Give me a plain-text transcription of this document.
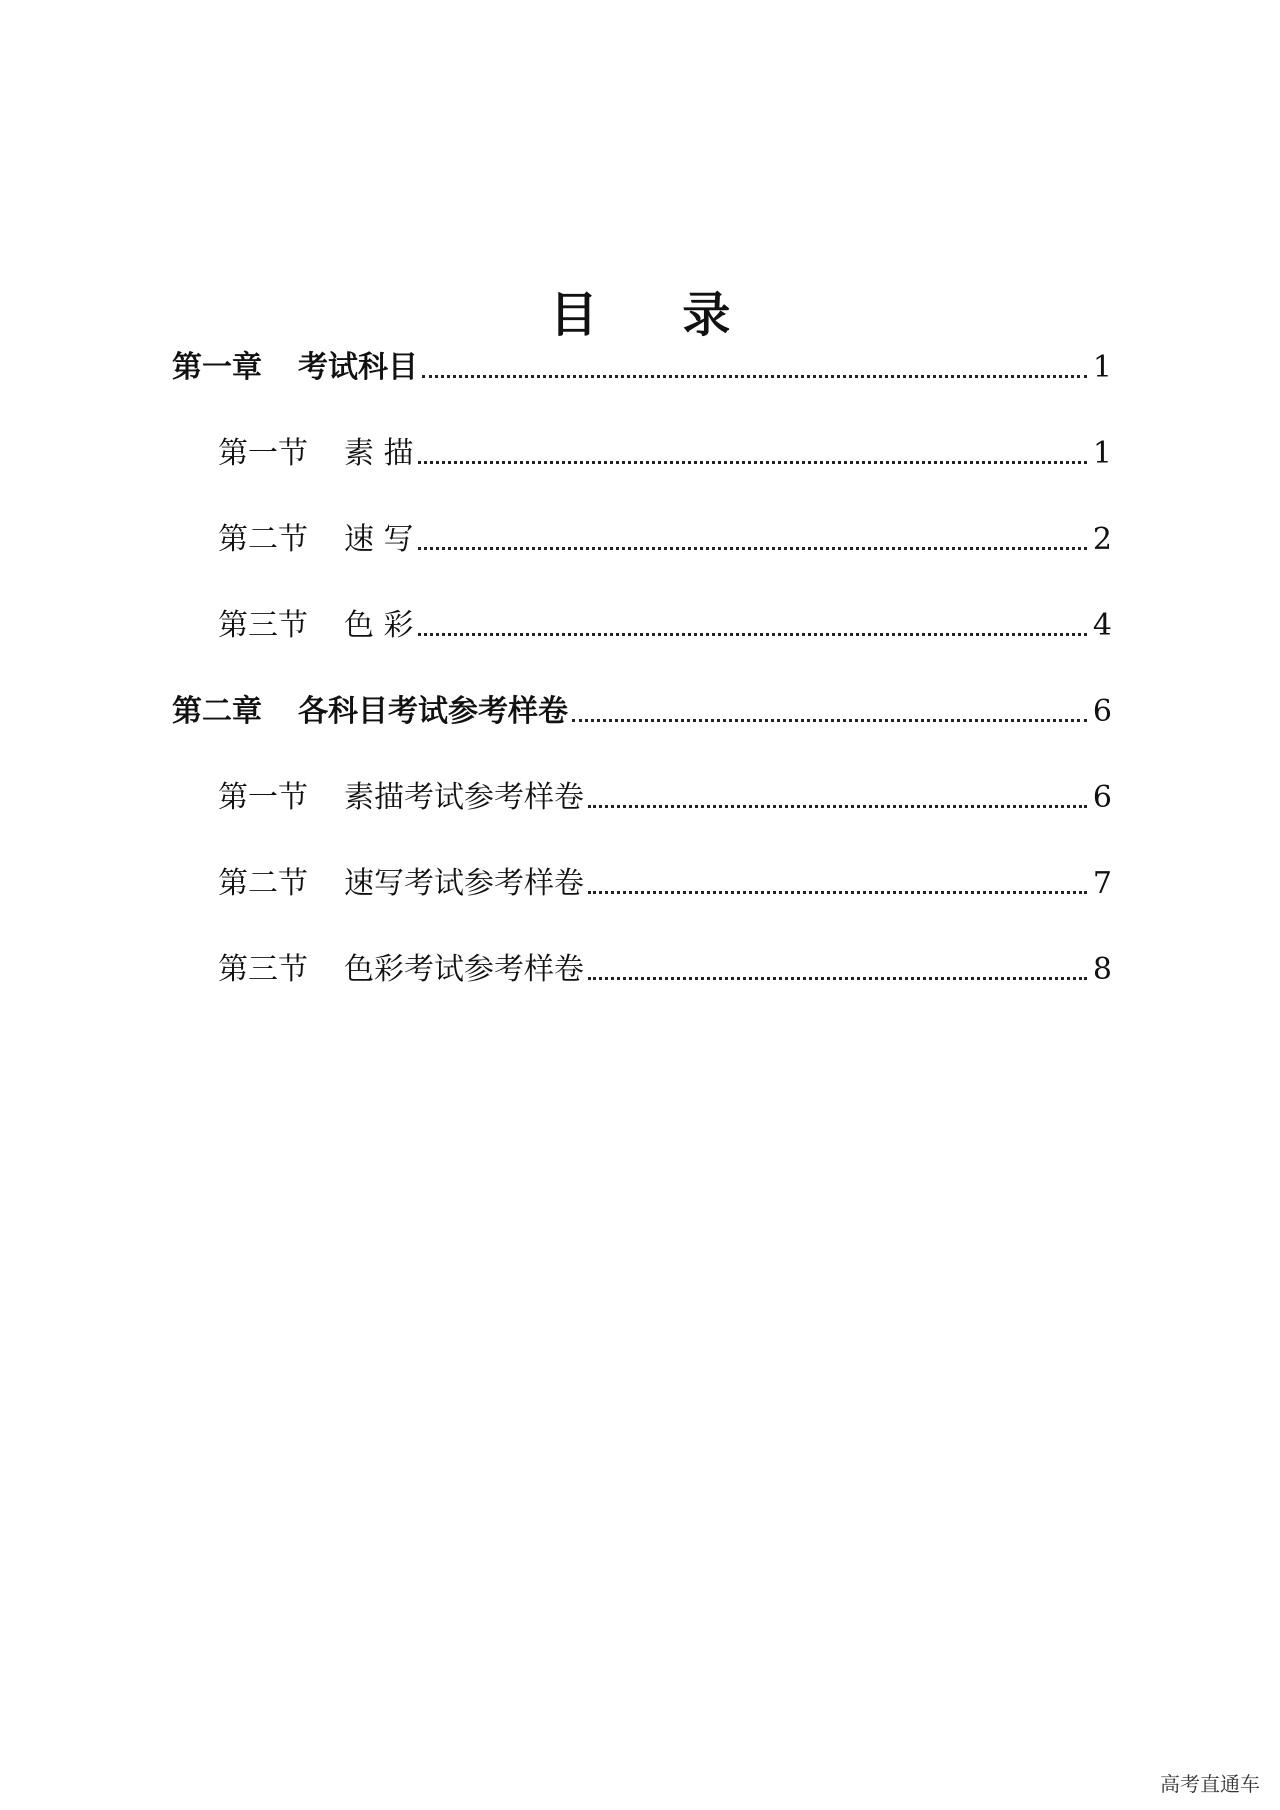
目 录
第一章 考试科目	1
第一节 素 描	1
第二节 速 写	2
第三节 色 彩	4
第二章 各科目考试参考样卷	6
第一节 素描考试参考样卷	6
第二节 速写考试参考样卷	7
第三节 色彩考试参考样卷	8
高考直通车
